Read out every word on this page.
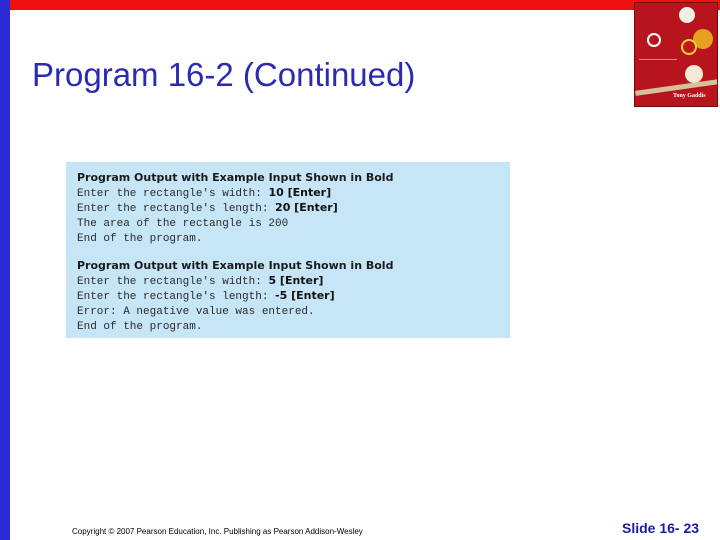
Program 16-2 (Continued)
Tony Gaddis
Program Output with Example Input Shown in Bold
Enter the rectangle's width: 10 [Enter]
Enter the rectangle's length: 20 [Enter]
The area of the rectangle is 200
End of the program.
Program Output with Example Input Shown in Bold
Enter the rectangle's width: 5 [Enter]
Enter the rectangle's length: -5 [Enter]
Error: A negative value was entered.
End of the program.
Copyright © 2007 Pearson Education, Inc. Publishing as Pearson Addison-Wesley	Slide 16- 23
